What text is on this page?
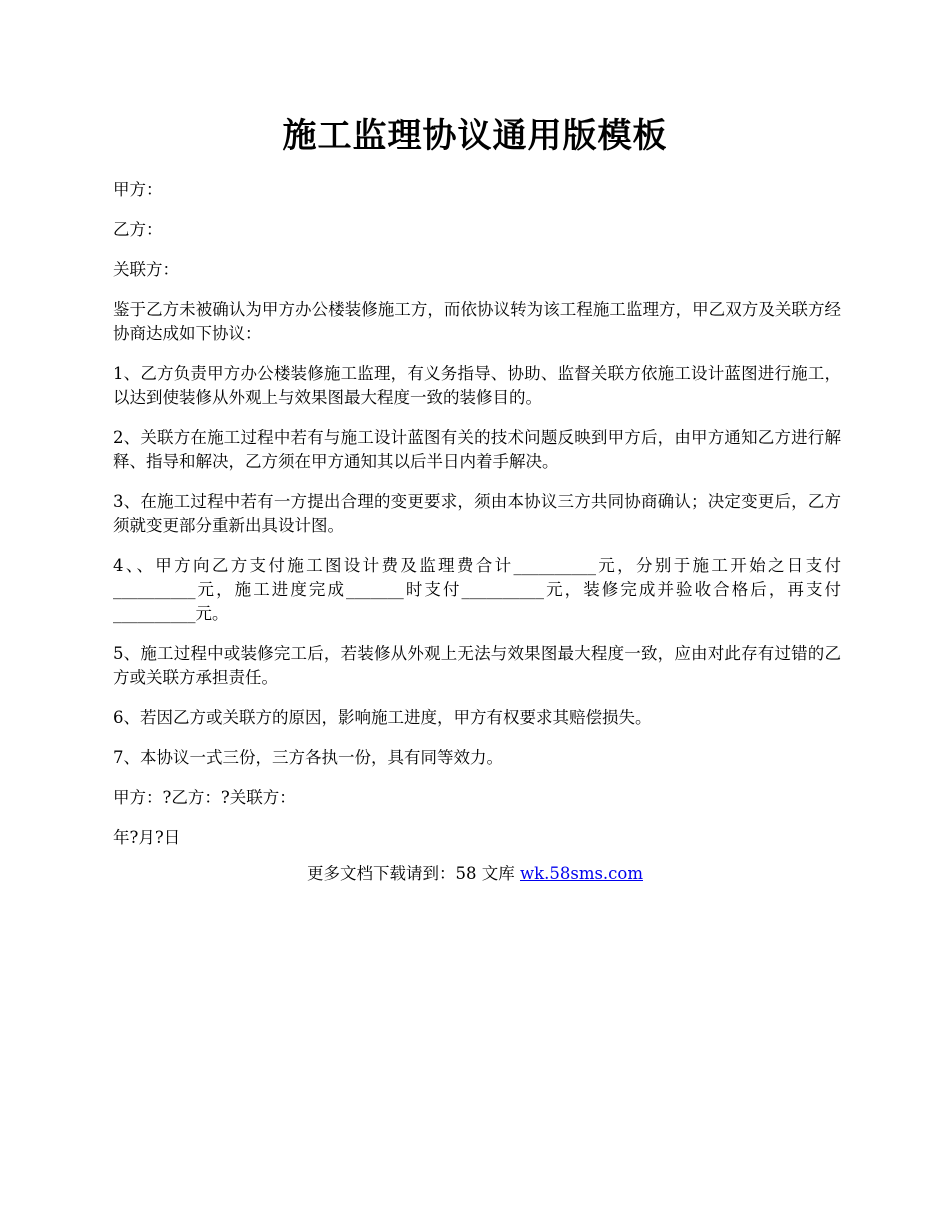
施工监理协议通用版模板

甲方：

乙方：

关联方：

鉴于乙方未被确认为甲方办公楼装修施工方，而依协议转为该工程施工监理方，甲乙双方及关联方经协商达成如下协议：

1、乙方负责甲方办公楼装修施工监理，有义务指导、协助、监督关联方依施工设计蓝图进行施工，以达到使装修从外观上与效果图最大程度一致的装修目的。

2、关联方在施工过程中若有与施工设计蓝图有关的技术问题反映到甲方后，由甲方通知乙方进行解释、指导和解决，乙方须在甲方通知其以后半日内着手解决。

3、在施工过程中若有一方提出合理的变更要求，须由本协议三方共同协商确认；决定变更后，乙方须就变更部分重新出具设计图。

4、、甲方向乙方支付施工图设计费及监理费合计__________元，分别于施工开始之日支付__________元，施工进度完成_______时支付__________元，装修完成并验收合格后，再支付__________元。

5、施工过程中或装修完工后，若装修从外观上无法与效果图最大程度一致，应由对此存有过错的乙方或关联方承担责任。

6、若因乙方或关联方的原因，影响施工进度，甲方有权要求其赔偿损失。

7、本协议一式三份，三方各执一份，具有同等效力。

甲方：?乙方：?关联方：

年?月?日

更多文档下载请到：58 文库 wk.58sms.com
